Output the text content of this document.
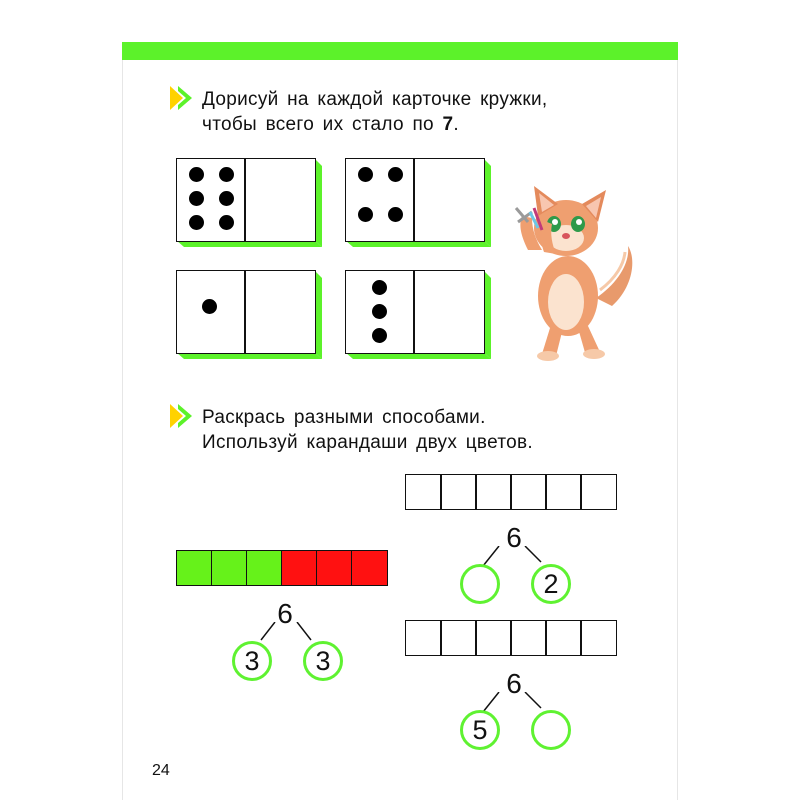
Дорисуй на каждой карточке кружки,
чтобы всего их стало по 7.
Раскрась разными способами.
Используй карандаши двух цветов.
6
3	3
6
2
6
5
24
